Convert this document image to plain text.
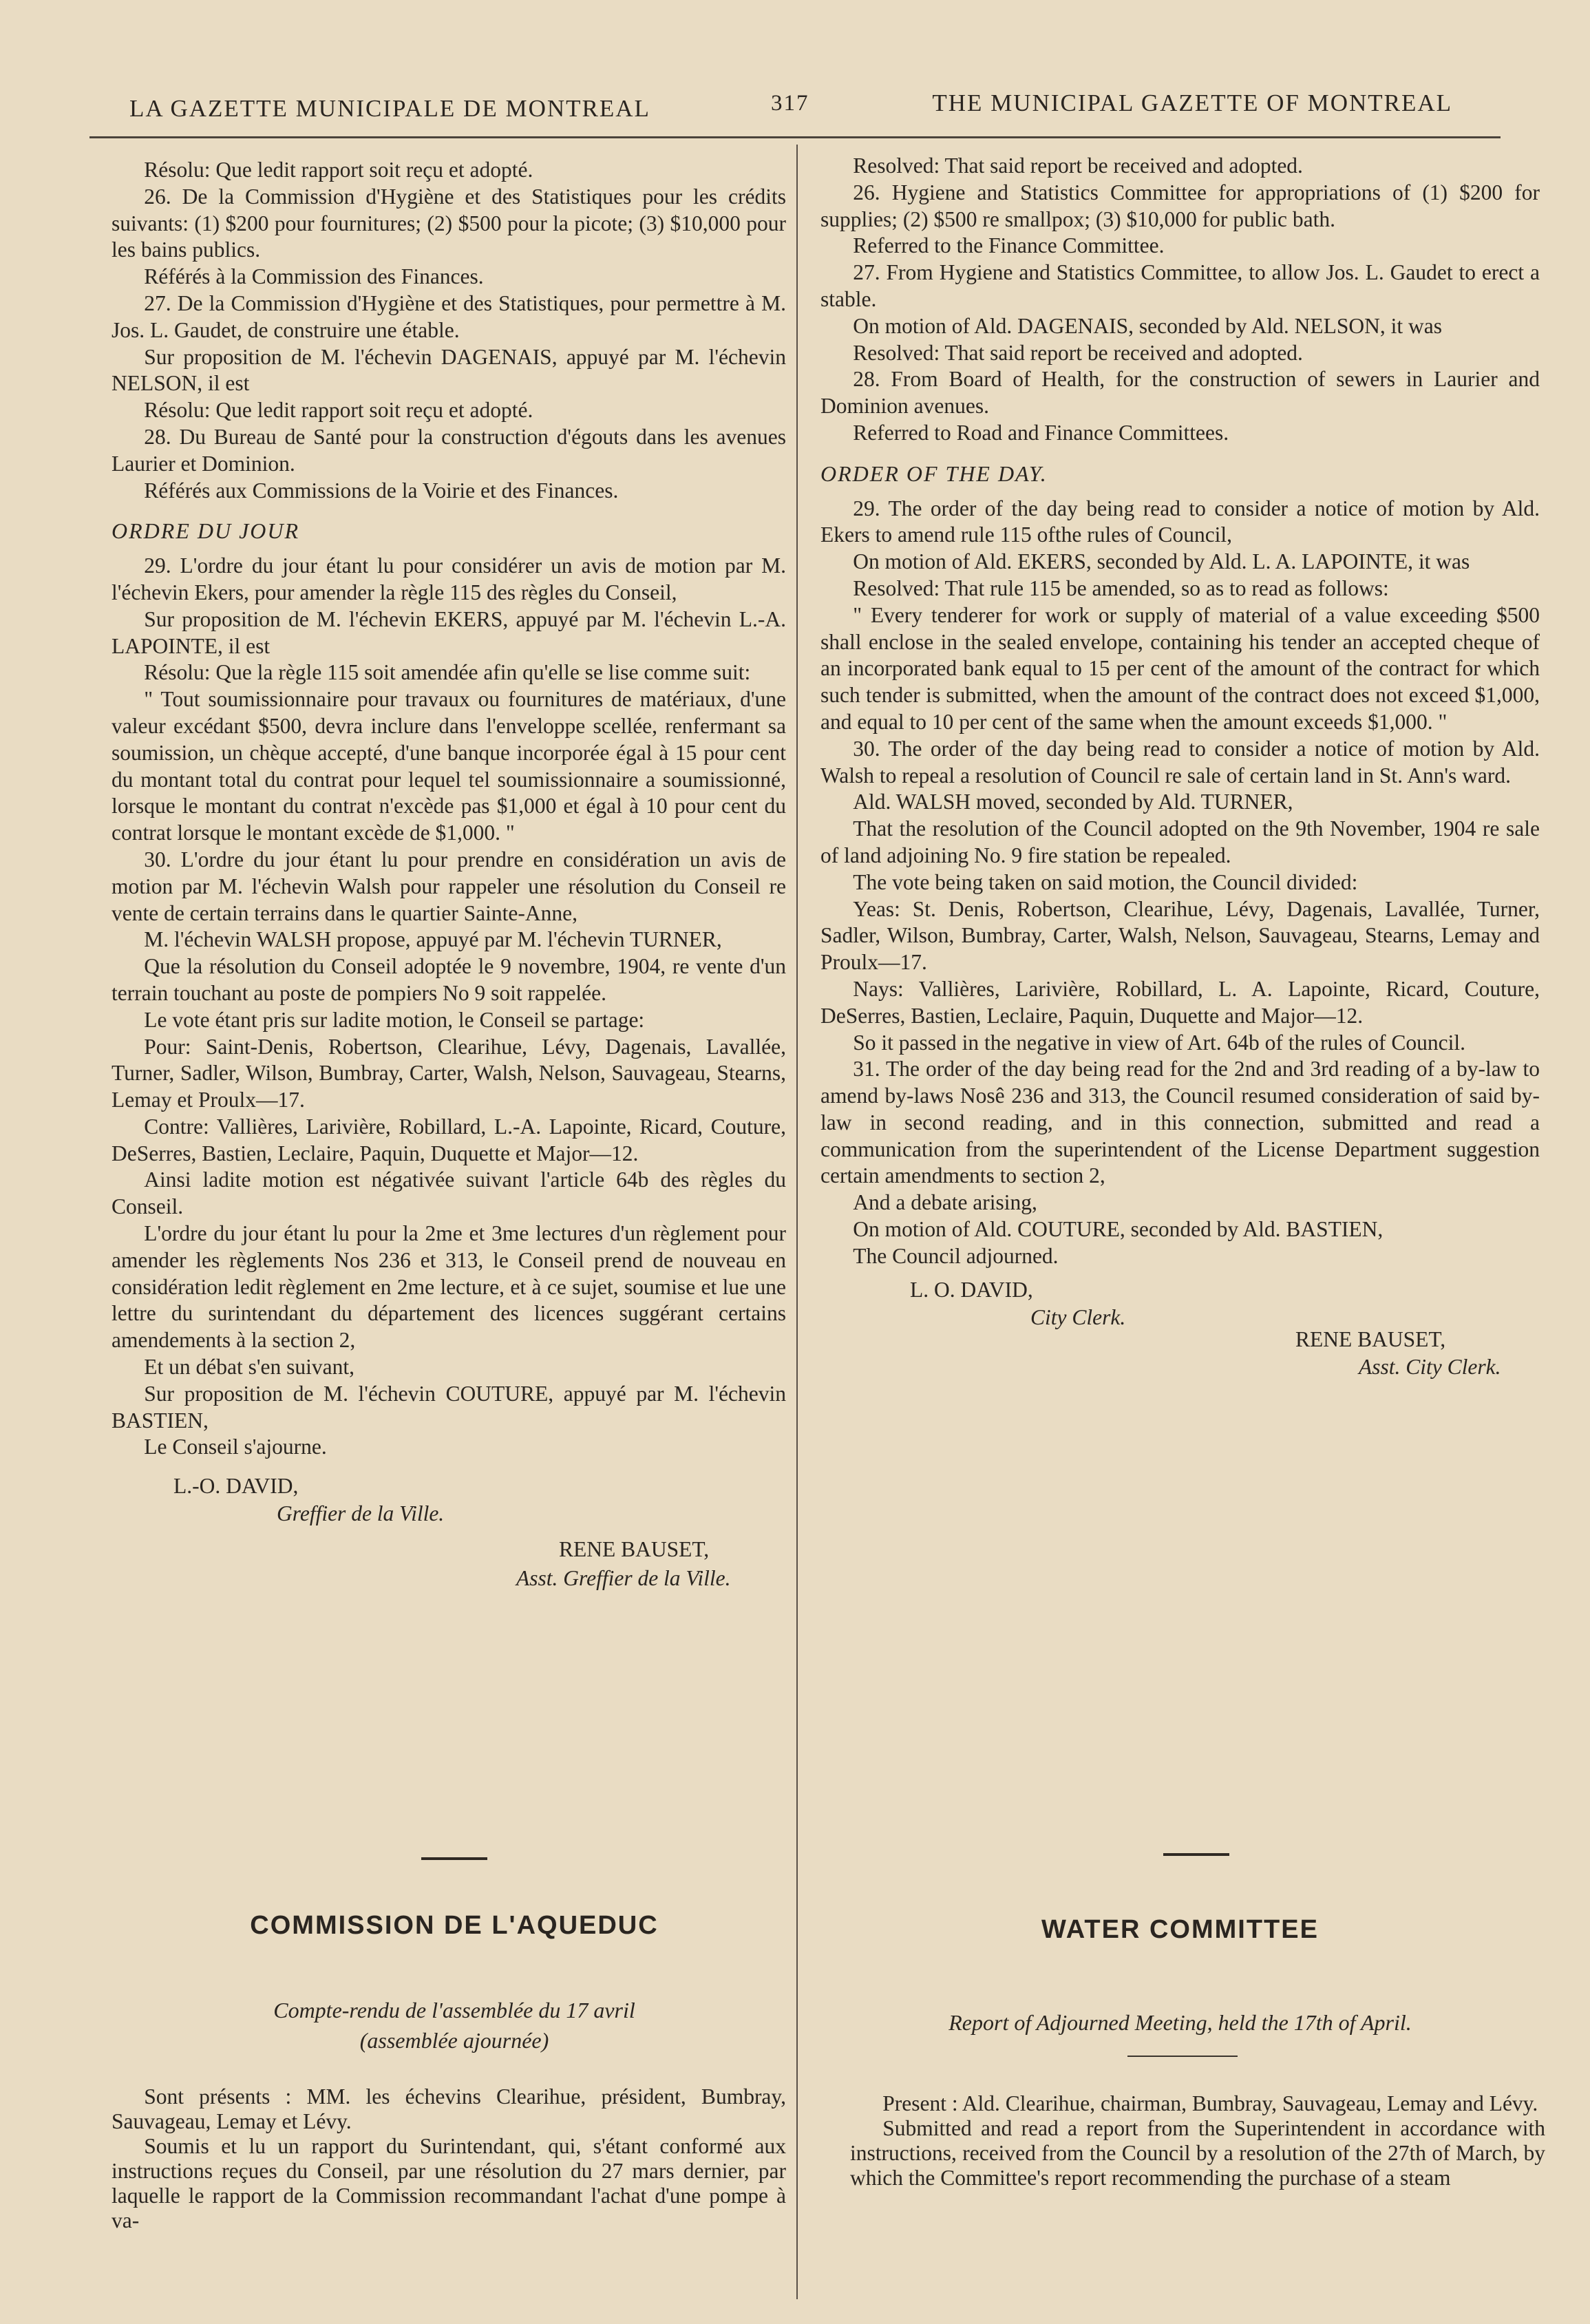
LA GAZETTE MUNICIPALE DE MONTREAL	317	THE MUNICIPAL GAZETTE OF MONTREAL

Résolu: Que ledit rapport soit reçu et adopté.

26. De la Commission d'Hygiène et des Statistiques pour les crédits suivants: (1) $200 pour fournitures; (2) $500 pour la picote; (3) $10,000 pour les bains publics.

Référés à la Commission des Finances.

27. De la Commission d'Hygiène et des Statistiques, pour permettre à M. Jos. L. Gaudet, de construire une étable.

Sur proposition de M. l'échevin DAGENAIS, appuyé par M. l'échevin NELSON, il est

Résolu: Que ledit rapport soit reçu et adopté.

28. Du Bureau de Santé pour la construction d'égouts dans les avenues Laurier et Dominion.

Référés aux Commissions de la Voirie et des Finances.

ORDRE DU JOUR

29. L'ordre du jour étant lu pour considérer un avis de motion par M. l'échevin Ekers, pour amender la règle 115 des règles du Conseil,

Sur proposition de M. l'échevin EKERS, appuyé par M. l'échevin L.-A. LAPOINTE, il est

Résolu: Que la règle 115 soit amendée afin qu'elle se lise comme suit:

" Tout soumissionnaire pour travaux ou fournitures de matériaux, d'une valeur excédant $500, devra inclure dans l'enveloppe scellée, renfermant sa soumission, un chèque accepté, d'une banque incorporée égal à 15 pour cent du montant total du contrat pour lequel tel soumissionnaire a soumissionné, lorsque le montant du contrat n'excède pas $1,000 et égal à 10 pour cent du contrat lorsque le montant excède de $1,000. "

30. L'ordre du jour étant lu pour prendre en considération un avis de motion par M. l'échevin Walsh pour rappeler une résolution du Conseil re vente de certain terrains dans le quartier Sainte-Anne,

M. l'échevin WALSH propose, appuyé par M. l'échevin TURNER,

Que la résolution du Conseil adoptée le 9 novembre, 1904, re vente d'un terrain touchant au poste de pompiers No 9 soit rappelée.

Le vote étant pris sur ladite motion, le Conseil se partage:

Pour: Saint-Denis, Robertson, Clearihue, Lévy, Dagenais, Lavallée, Turner, Sadler, Wilson, Bumbray, Carter, Walsh, Nelson, Sauvageau, Stearns, Lemay et Proulx—17.

Contre: Vallières, Larivière, Robillard, L.-A. Lapointe, Ricard, Couture, DeSerres, Bastien, Leclaire, Paquin, Duquette et Major—12.

Ainsi ladite motion est négativée suivant l'article 64b des règles du Conseil.

L'ordre du jour étant lu pour la 2me et 3me lectures d'un règlement pour amender les règlements Nos 236 et 313, le Conseil prend de nouveau en considération ledit règlement en 2me lecture, et à ce sujet, soumise et lue une lettre du surintendant du département des licences suggérant certains amendements à la section 2,

Et un débat s'en suivant,

Sur proposition de M. l'échevin COUTURE, appuyé par M. l'échevin BASTIEN,

Le Conseil s'ajourne.

L.-O. DAVID,
Greffier de la Ville.
RENE BAUSET,
Asst. Greffier de la Ville.

Resolved: That said report be received and adopted.

26. Hygiene and Statistics Committee for appropriations of (1) $200 for supplies; (2) $500 re smallpox; (3) $10,000 for public bath.

Referred to the Finance Committee.

27. From Hygiene and Statistics Committee, to allow Jos. L. Gaudet to erect a stable.

On motion of Ald. DAGENAIS, seconded by Ald. NELSON, it was

Resolved: That said report be received and adopted.

28. From Board of Health, for the construction of sewers in Laurier and Dominion avenues.

Referred to Road and Finance Committees.

ORDER OF THE DAY.

29. The order of the day being read to consider a notice of motion by Ald. Ekers to amend rule 115 ofthe rules of Council,

On motion of Ald. EKERS, seconded by Ald. L. A. LAPOINTE, it was

Resolved: That rule 115 be amended, so as to read as follows:

" Every tenderer for work or supply of material of a value exceeding $500 shall enclose in the sealed envelope, containing his tender an accepted cheque of an incorporated bank equal to 15 per cent of the amount of the contract for which such tender is submitted, when the amount of the contract does not exceed $1,000, and equal to 10 per cent of the same when the amount exceeds $1,000. "

30. The order of the day being read to consider a notice of motion by Ald. Walsh to repeal a resolution of Council re sale of certain land in St. Ann's ward.

Ald. WALSH moved, seconded by Ald. TURNER,

That the resolution of the Council adopted on the 9th November, 1904 re sale of land adjoining No. 9 fire station be repealed.

The vote being taken on said motion, the Council divided:

Yeas: St. Denis, Robertson, Clearihue, Lévy, Dagenais, Lavallée, Turner, Sadler, Wilson, Bumbray, Carter, Walsh, Nelson, Sauvageau, Stearns, Lemay and Proulx—17.

Nays: Vallières, Larivière, Robillard, L. A. Lapointe, Ricard, Couture, DeSerres, Bastien, Leclaire, Paquin, Duquette and Major—12.

So it passed in the negative in view of Art. 64b of the rules of Council.

31. The order of the day being read for the 2nd and 3rd reading of a by-law to amend by-laws Nosê 236 and 313, the Council resumed consideration of said by-law in second reading, and in this connection, submitted and read a communication from the superintendent of the License Department suggestion certain amendments to section 2,

And a debate arising,

On motion of Ald. COUTURE, seconded by Ald. BASTIEN,

The Council adjourned.

L. O. DAVID,
City Clerk.
RENE BAUSET,
Asst. City Clerk.
COMMISSION DE L'AQUEDUC
Compte-rendu de l'assemblée du 17 avril
(assemblée ajournée)

Sont présents : MM. les échevins Clearihue, président, Bumbray, Sauvageau, Lemay et Lévy.

Soumis et lu un rapport du Surintendant, qui, s'étant conformé aux instructions reçues du Conseil, par une résolution du 27 mars dernier, par laquelle le rapport de la Commission recommandant l'achat d'une pompe à va-

WATER COMMITTEE
Report of Adjourned Meeting, held the 17th of April.

Present : Ald. Clearihue, chairman, Bumbray, Sauvageau, Lemay and Lévy.

Submitted and read a report from the Superintendent in accordance with instructions, received from the Council by a resolution of the 27th of March, by which the Committee's report recommending the purchase of a steam
